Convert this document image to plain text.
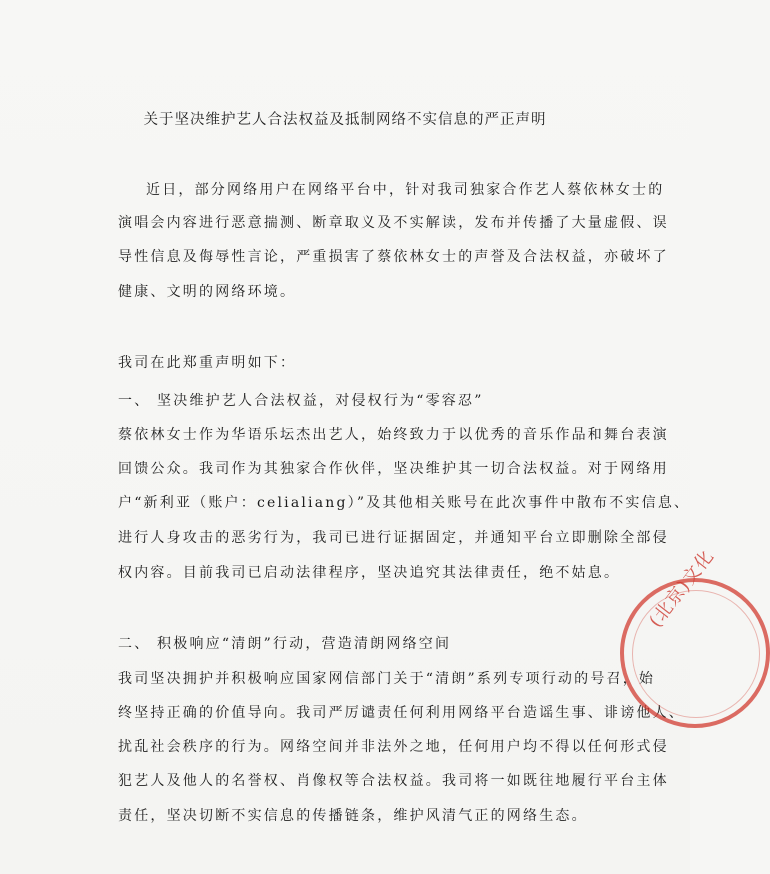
关于坚决维护艺人合法权益及抵制网络不实信息的严正声明
近日，部分网络用户在网络平台中，针对我司独家合作艺人蔡依林女士的
演唱会内容进行恶意揣测、断章取义及不实解读，发布并传播了大量虚假、误
导性信息及侮辱性言论，严重损害了蔡依林女士的声誉及合法权益，亦破坏了
健康、文明的网络环境。
我司在此郑重声明如下：
一、 坚决维护艺人合法权益，对侵权行为“零容忍”
蔡依林女士作为华语乐坛杰出艺人，始终致力于以优秀的音乐作品和舞台表演
回馈公众。我司作为其独家合作伙伴，坚决维护其一切合法权益。对于网络用
户“新利亚（账户：celialiang）”及其他相关账号在此次事件中散布不实信息、
进行人身攻击的恶劣行为，我司已进行证据固定，并通知平台立即删除全部侵
权内容。目前我司已启动法律程序，坚决追究其法律责任，绝不姑息。
二、 积极响应“清朗”行动，营造清朗网络空间
我司坚决拥护并积极响应国家网信部门关于“清朗”系列专项行动的号召，始
终坚持正确的价值导向。我司严厉谴责任何利用网络平台造谣生事、诽谤他人、
扰乱社会秩序的行为。网络空间并非法外之地，任何用户均不得以任何形式侵
犯艺人及他人的名誉权、肖像权等合法权益。我司将一如既往地履行平台主体
责任，坚决切断不实信息的传播链条，维护风清气正的网络生态。
(北京)文化
